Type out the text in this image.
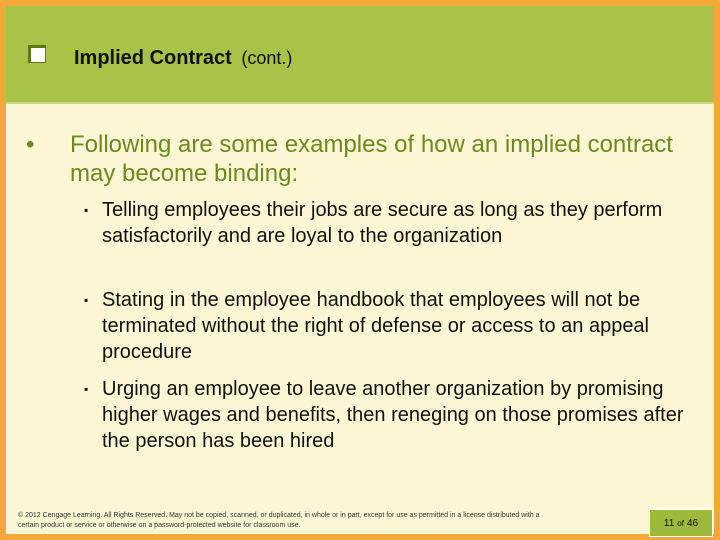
Implied Contract (cont.)
• Following are some examples of how an implied contract may become binding:
▪ Telling employees their jobs are secure as long as they perform satisfactorily and are loyal to the organization
▪ Stating in the employee handbook that employees will not be terminated without the right of defense or access to an appeal procedure
▪ Urging an employee to leave another organization by promising higher wages and benefits, then reneging on those promises after the person has been hired
© 2012 Cengage Learning. All Rights Reserved. May not be copied, scanned, or duplicated, in whole or in part, except for use as permitted in a license distributed with a certain product or service or otherwise on a password-protected website for classroom use.	11 of 46
